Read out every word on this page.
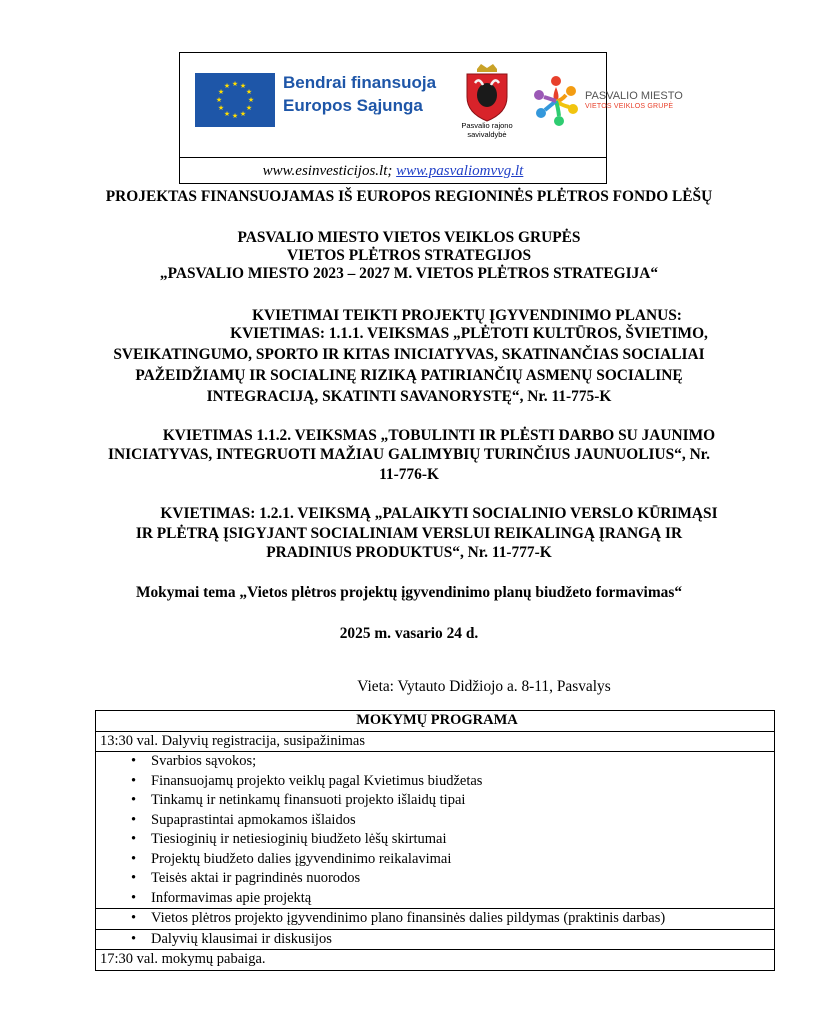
★ ★
★
★
★
★
★
★
★
★
★
★	Bendrai finansuoja
Europos Sąjunga
Pasvalio rajono savivaldybė
PASVALIO MIESTO
VIETOS VEIKLOS GRUPĖ
www.esinvesticijos.lt; www.pasvaliomvvg.lt
PROJEKTAS FINANSUOJAMAS IŠ EUROPOS REGIONINĖS PLĖTROS FONDO LĖŠŲ
PASVALIO MIESTO VIETOS VEIKLOS GRUPĖS
VIETOS PLĖTROS STRATEGIJOS
„PASVALIO MIESTO 2023 – 2027 M. VIETOS PLĖTROS STRATEGIJA“
KVIETIMAI TEIKTI PROJEKTŲ ĮGYVENDINIMO PLANUS:
KVIETIMAS: 1.1.1. VEIKSMAS „PLĖTOTI KULTŪROS, ŠVIETIMO,
SVEIKATINGUMO, SPORTO IR KITAS INICIATYVAS, SKATINANČIAS SOCIALIAI
PAŽEIDŽIAMŲ IR SOCIALINĘ RIZIKĄ PATIRIANČIŲ ASMENŲ SOCIALINĘ
INTEGRACIJĄ, SKATINTI SAVANORYSTĘ“, Nr. 11-775-K
KVIETIMAS 1.1.2. VEIKSMAS „TOBULINTI IR PLĖSTI DARBO SU JAUNIMO
INICIATYVAS, INTEGRUOTI MAŽIAU GALIMYBIŲ TURINČIUS JAUNUOLIUS“, Nr.
11-776-K
KVIETIMAS: 1.2.1. VEIKSMĄ „PALAIKYTI SOCIALINIO VERSLO KŪRIMĄSI
IR PLĖTRĄ ĮSIGYJANT SOCIALINIAM VERSLUI REIKALINGĄ ĮRANGĄ IR
PRADINIUS PRODUKTUS“, Nr. 11-777-K
Mokymai tema „Vietos plėtros projektų įgyvendinimo planų biudžeto formavimas“
2025 m. vasario 24 d.
Vieta: Vytauto Didžiojo a. 8-11, Pasvalys
MOKYMŲ PROGRAMA
13:30 val. Dalyvių registracija, susipažinimas
• Svarbios sąvokos;
• Finansuojamų projekto veiklų pagal Kvietimus biudžetas
• Tinkamų ir netinkamų finansuoti projekto išlaidų tipai
• Supaprastintai apmokamos išlaidos
• Tiesioginių ir netiesioginių biudžeto lėšų skirtumai
• Projektų biudžeto dalies įgyvendinimo reikalavimai
• Teisės aktai ir pagrindinės nuorodos
• Informavimas apie projektą
• Vietos plėtros projekto įgyvendinimo plano finansinės dalies pildymas (praktinis darbas)
• Dalyvių klausimai ir diskusijos
17:30 val. mokymų pabaiga.
